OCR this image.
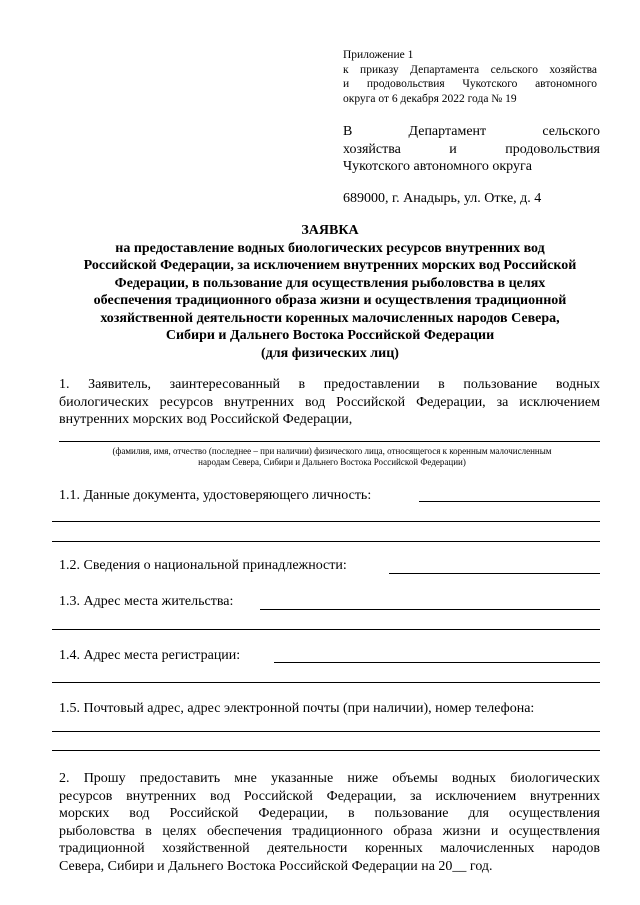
Приложение 1
к приказу Департамента сельского хозяйства
и продовольствия Чукотского автономного
округа от 6 декабря 2022 года № 19
В Департамент сельского
хозяйства и продовольствия
Чукотского автономного округа
689000, г. Анадырь, ул. Отке, д. 4
ЗАЯВКА
на предоставление водных биологических ресурсов внутренних вод
Российской Федерации, за исключением внутренних морских вод Российской
Федерации, в пользование для осуществления рыболовства в целях
обеспечения традиционного образа жизни и осуществления традиционной
хозяйственной деятельности коренных малочисленных народов Севера,
Сибири и Дальнего Востока Российской Федерации
(для физических лиц)
1. Заявитель, заинтересованный в предоставлении в пользование водных
биологических ресурсов внутренних вод Российской Федерации, за исключением
внутренних морских вод Российской Федерации,
(фамилия, имя, отчество (последнее – при наличии) физического лица, относящегося к коренным малочисленным
народам Севера, Сибири и Дальнего Востока Российской Федерации)
1.1. Данные документа, удостоверяющего личность:
1.2. Сведения о национальной принадлежности:
1.3. Адрес места жительства:
1.4. Адрес места регистрации:
1.5. Почтовый адрес, адрес электронной почты (при наличии), номер телефона:
2. Прошу предоставить мне указанные ниже объемы водных биологических
ресурсов внутренних вод Российской Федерации, за исключением внутренних
морских вод Российской Федерации, в пользование для осуществления
рыболовства в целях обеспечения традиционного образа жизни и осуществления
традиционной хозяйственной деятельности коренных малочисленных народов
Севера, Сибири и Дальнего Востока Российской Федерации на 20__ год.
